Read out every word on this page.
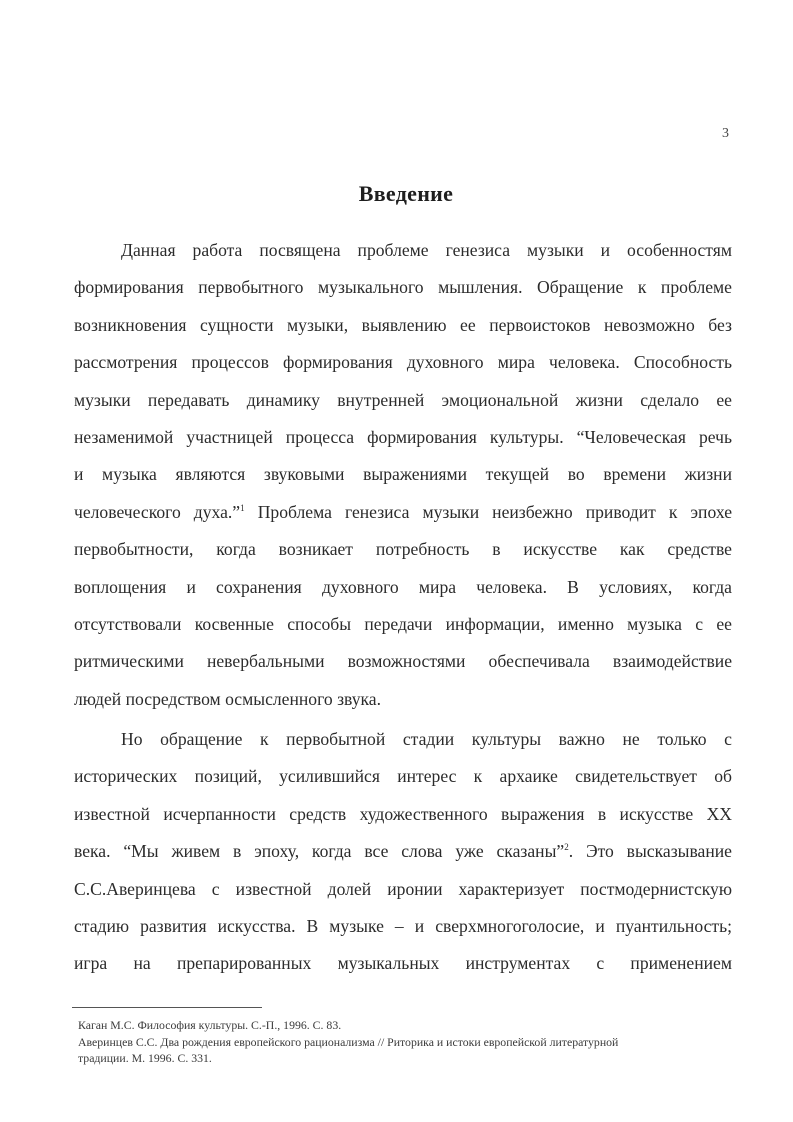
3
Введение
Данная работа посвящена проблеме генезиса музыки и особенностям
формирования первобытного музыкального мышления. Обращение к проблеме
возникновения сущности музыки, выявлению ее первоистоков невозможно без
рассмотрения процессов формирования духовного мира человека. Способность
музыки передавать динамику внутренней эмоциональной жизни сделало ее
незаменимой участницей процесса формирования культуры. “Человеческая речь
и музыка являются звуковыми выражениями текущей во времени жизни
человеческого духа.”$^1$ Проблема генезиса музыки неизбежно приводит к эпохе
первобытности, когда возникает потребность в искусстве как средстве
воплощения и сохранения духовного мира человека. В условиях, когда
отсутствовали косвенные способы передачи информации, именно музыка с ее
ритмическими невербальными возможностями обеспечивала взаимодействие
людей посредством осмысленного звука.
Но обращение к первобытной стадии культуры важно не только с
исторических позиций, усилившийся интерес к архаике свидетельствует об
известной исчерпанности средств художественного выражения в искусстве XX
века. “Мы живем в эпоху, когда все слова уже сказаны”$^2$. Это высказывание
С.С.Аверинцева с известной долей иронии характеризует постмодернистскую
стадию развития искусства. В музыке – и сверхмногоголосие, и пуантильность;
игра на препарированных музыкальных инструментах с применением
Каган М.С. Философия культуры. С.-П., 1996. С. 83.
Аверинцев С.С. Два рождения европейского рационализма // Риторика и истоки европейской литературной
традиции. М. 1996. С. 331.
